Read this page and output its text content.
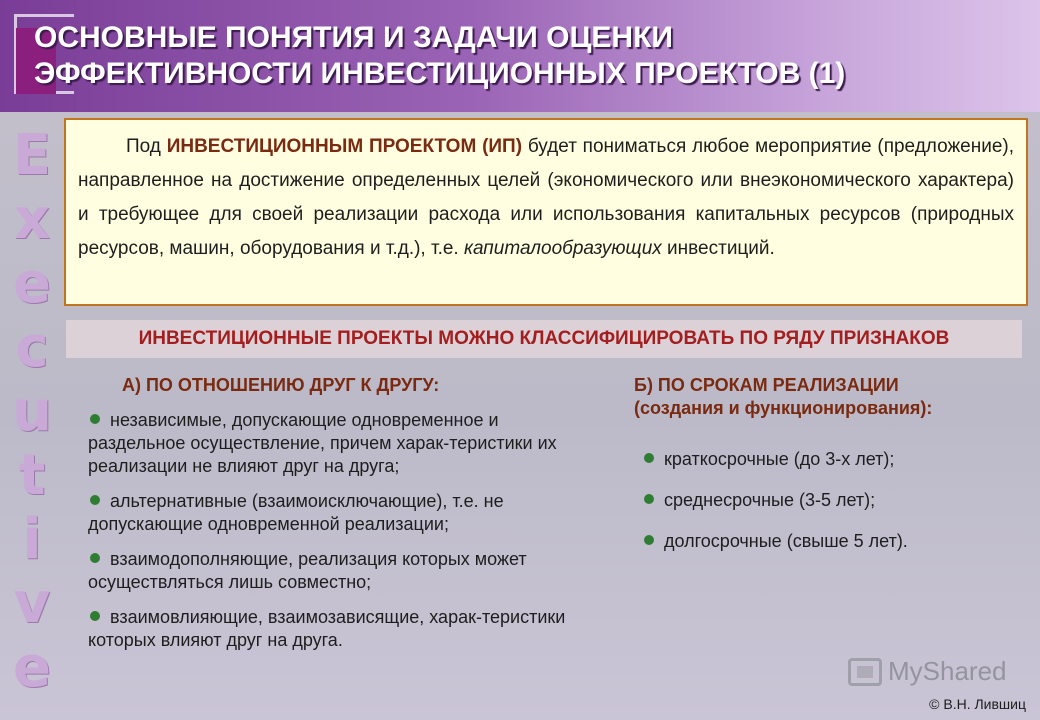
ОСНОВНЫЕ ПОНЯТИЯ И ЗАДАЧИ ОЦЕНКИ
ЭФФЕКТИВНОСТИ ИНВЕСТИЦИОННЫХ ПРОЕКТОВ (1)
E
x
e
c
u
t
i
v
e
Под ИНВЕСТИЦИОННЫМ ПРОЕКТОМ (ИП) будет пониматься любое мероприятие (предложение), направленное на достижение определенных целей (экономического или внеэкономического характера) и требующее для своей реализации расхода или использования капитальных ресурсов (природных ресурсов, машин, оборудования и т.д.), т.е. капиталообразующих инвестиций.
ИНВЕСТИЦИОННЫЕ ПРОЕКТЫ МОЖНО КЛАССИФИЦИРОВАТЬ ПО РЯДУ ПРИЗНАКОВ

А) ПО ОТНОШЕНИЮ ДРУГ К ДРУГУ:

независимые, допускающие одновременное и раздельное осуществление, причем харак-теристики их реализации не влияют друг на друга;
альтернативные (взаимоисключающие), т.е. не допускающие одновременной реализации;
взаимодополняющие, реализация которых может осуществляться лишь совместно;
взаимовлияющие, взаимозависящие, харак-теристики которых влияют друг на друга.

Б) ПО СРОКАМ РЕАЛИЗАЦИИ

(создания и функционирования):

краткосрочные (до 3-х лет);
среднесрочные (3-5 лет);
долгосрочные (свыше 5 лет).
MyShared
© В.Н. Лившиц
